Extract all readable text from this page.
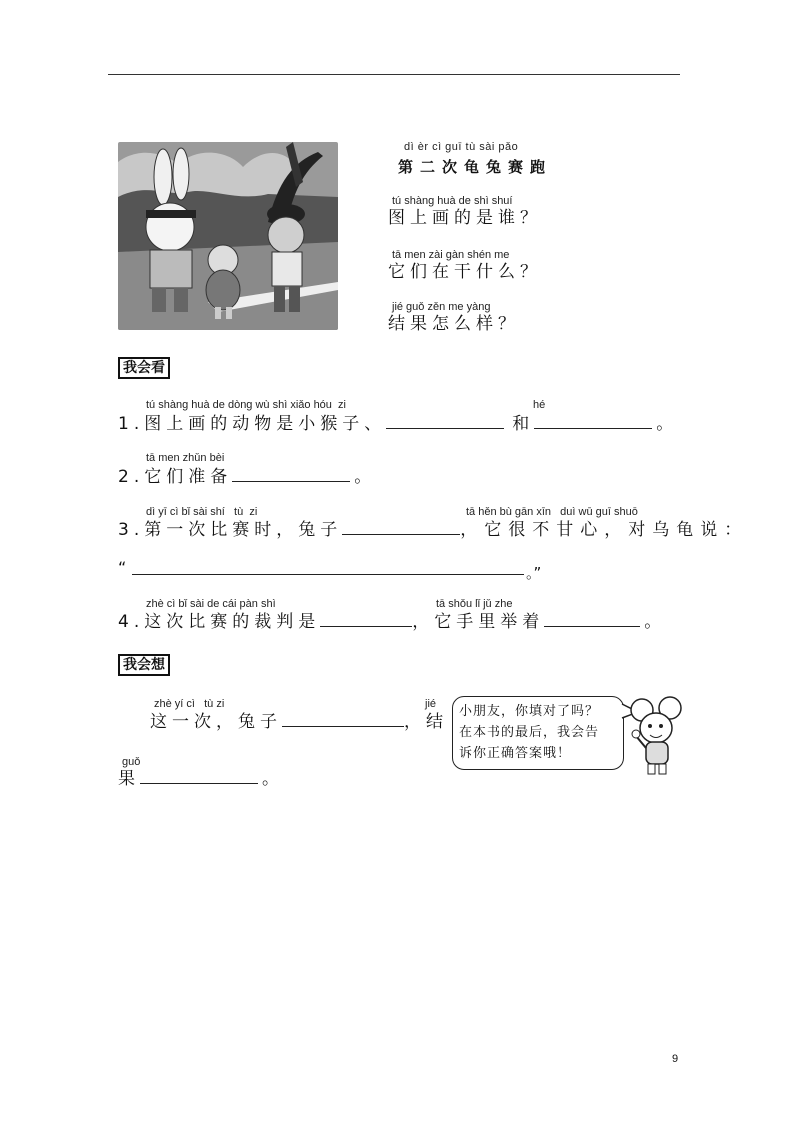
dì èr cì guī tù sài pǎo
第二次龟兔赛跑
tú shàng huà de shì shuí
图上画的是谁？
tā men zài gàn shén me
它们在干什么？
jié guǒ zěn me yàng
结果怎么样？
我会看
tú shàng huà de dòng wù shì xiǎo hóu  zi	hé
1.图上画的动物是小猴子、	和	。
tā men zhǔn bèi
2.它们准备	。
dì yī cì bǐ sài shí   tù  zi	tā hěn bù gān xīn   duì wū guī shuō
3.第一次比赛时，兔子	，它很不甘心，对乌龟说：
“	。”
zhè cì bǐ sài de cái pàn shì	tā shǒu lǐ jǔ zhe
4.这次比赛的裁判是	，它手里举着	。
我会想
zhè yí cì   tù zi	jié
这一次，兔子	，结
guǒ
果	。
小朋友，你填对了吗？
在本书的最后，我会告
诉你正确答案哦！
9
